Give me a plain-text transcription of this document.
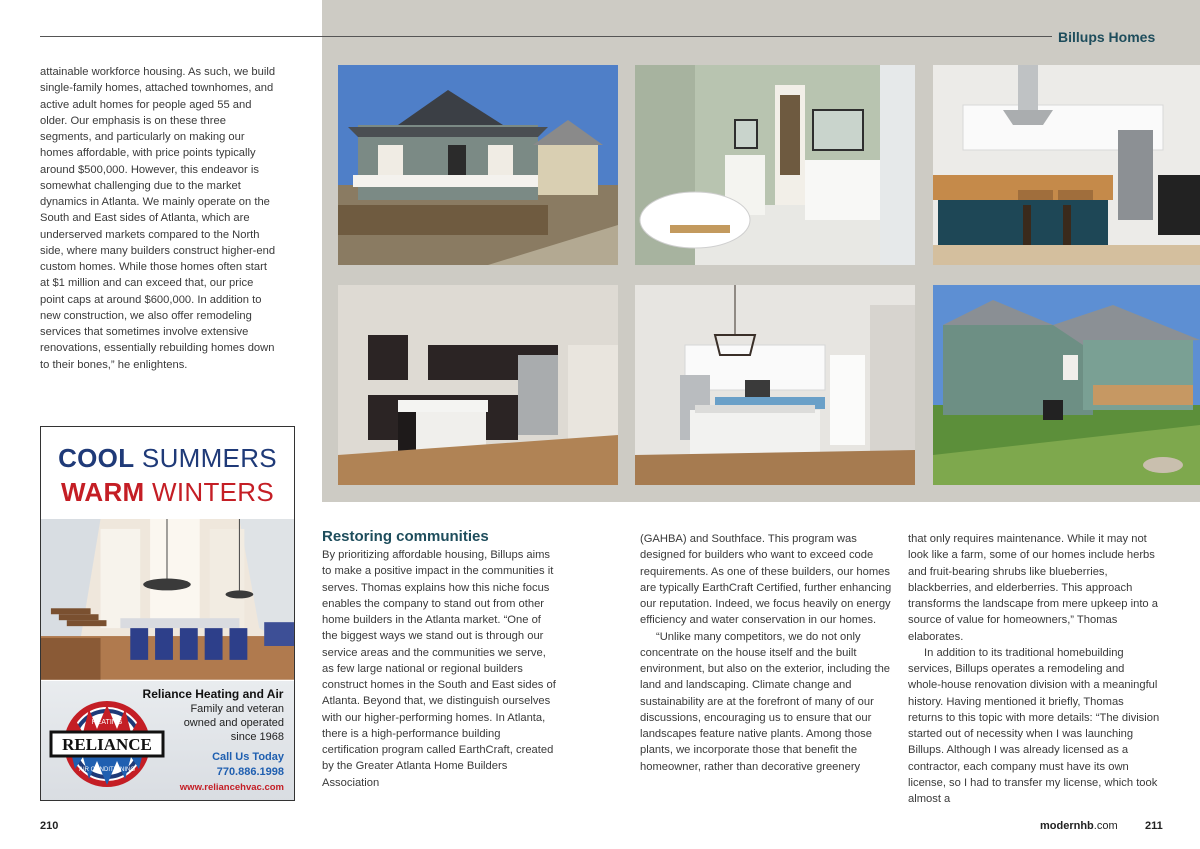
Billups Homes
attainable workforce housing. As such, we build single-family homes, attached townhomes, and active adult homes for people aged 55 and older. Our emphasis is on these three segments, and particularly on making our homes affordable, with price points typically around $500,000. However, this endeavor is somewhat challenging due to the market dynamics in Atlanta. We mainly operate on the South and East sides of Atlanta, which are underserved markets compared to the North side, where many builders construct higher-end custom homes. While those homes often start at $1 million and can exceed that, our price point caps at around $600,000. In addition to new construction, we also offer remodeling services that sometimes involve extensive renovations, essentially rebuilding homes down to their bones,” he enlightens.
COOL SUMMERS
WARM WINTERS
RELIANCE
HEATING
AIR CONDITIONING
Reliance Heating and Air
Family and veteran
owned and operated
since 1968
Call Us Today
770.886.1998
www.reliancehvac.com
Restoring communities

By prioritizing affordable housing, Billups aims to make a positive impact in the communities it serves. Thomas explains how this niche focus enables the company to stand out from other home builders in the Atlanta market. “One of the biggest ways we stand out is through our service areas and the communities we serve, as few large national or regional builders construct homes in the South and East sides of Atlanta. Beyond that, we distinguish ourselves with our higher-performing homes. In Atlanta, there is a high-performance building certification program called EarthCraft, created by the Greater Atlanta Home Builders Association

(GAHBA) and Southface. This program was designed for builders who want to exceed code requirements. As one of these builders, our homes are typically EarthCraft Certified, further enhancing our reputation. Indeed, we focus heavily on energy efficiency and water conservation in our homes.

“Unlike many competitors, we do not only concentrate on the house itself and the built environment, but also on the exterior, including the land and landscaping. Climate change and sustainability are at the forefront of many of our discussions, encouraging us to ensure that our landscapes feature native plants. Among those plants, we incorporate those that benefit the homeowner, rather than decorative greenery

that only requires maintenance. While it may not look like a farm, some of our homes include herbs and fruit-bearing shrubs like blueberries, blackberries, and elderberries. This approach transforms the landscape from mere upkeep into a source of value for homeowners,” Thomas elaborates.

In addition to its traditional homebuilding services, Billups operates a remodeling and whole-house renovation division with a meaningful history. Having mentioned it briefly, Thomas returns to this topic with more details: “The division started out of necessity when I was launching Billups. Although I was already licensed as a contractor, each company must have its own license, so I had to transfer my license, which took almost a

210	modernhb.com 211
